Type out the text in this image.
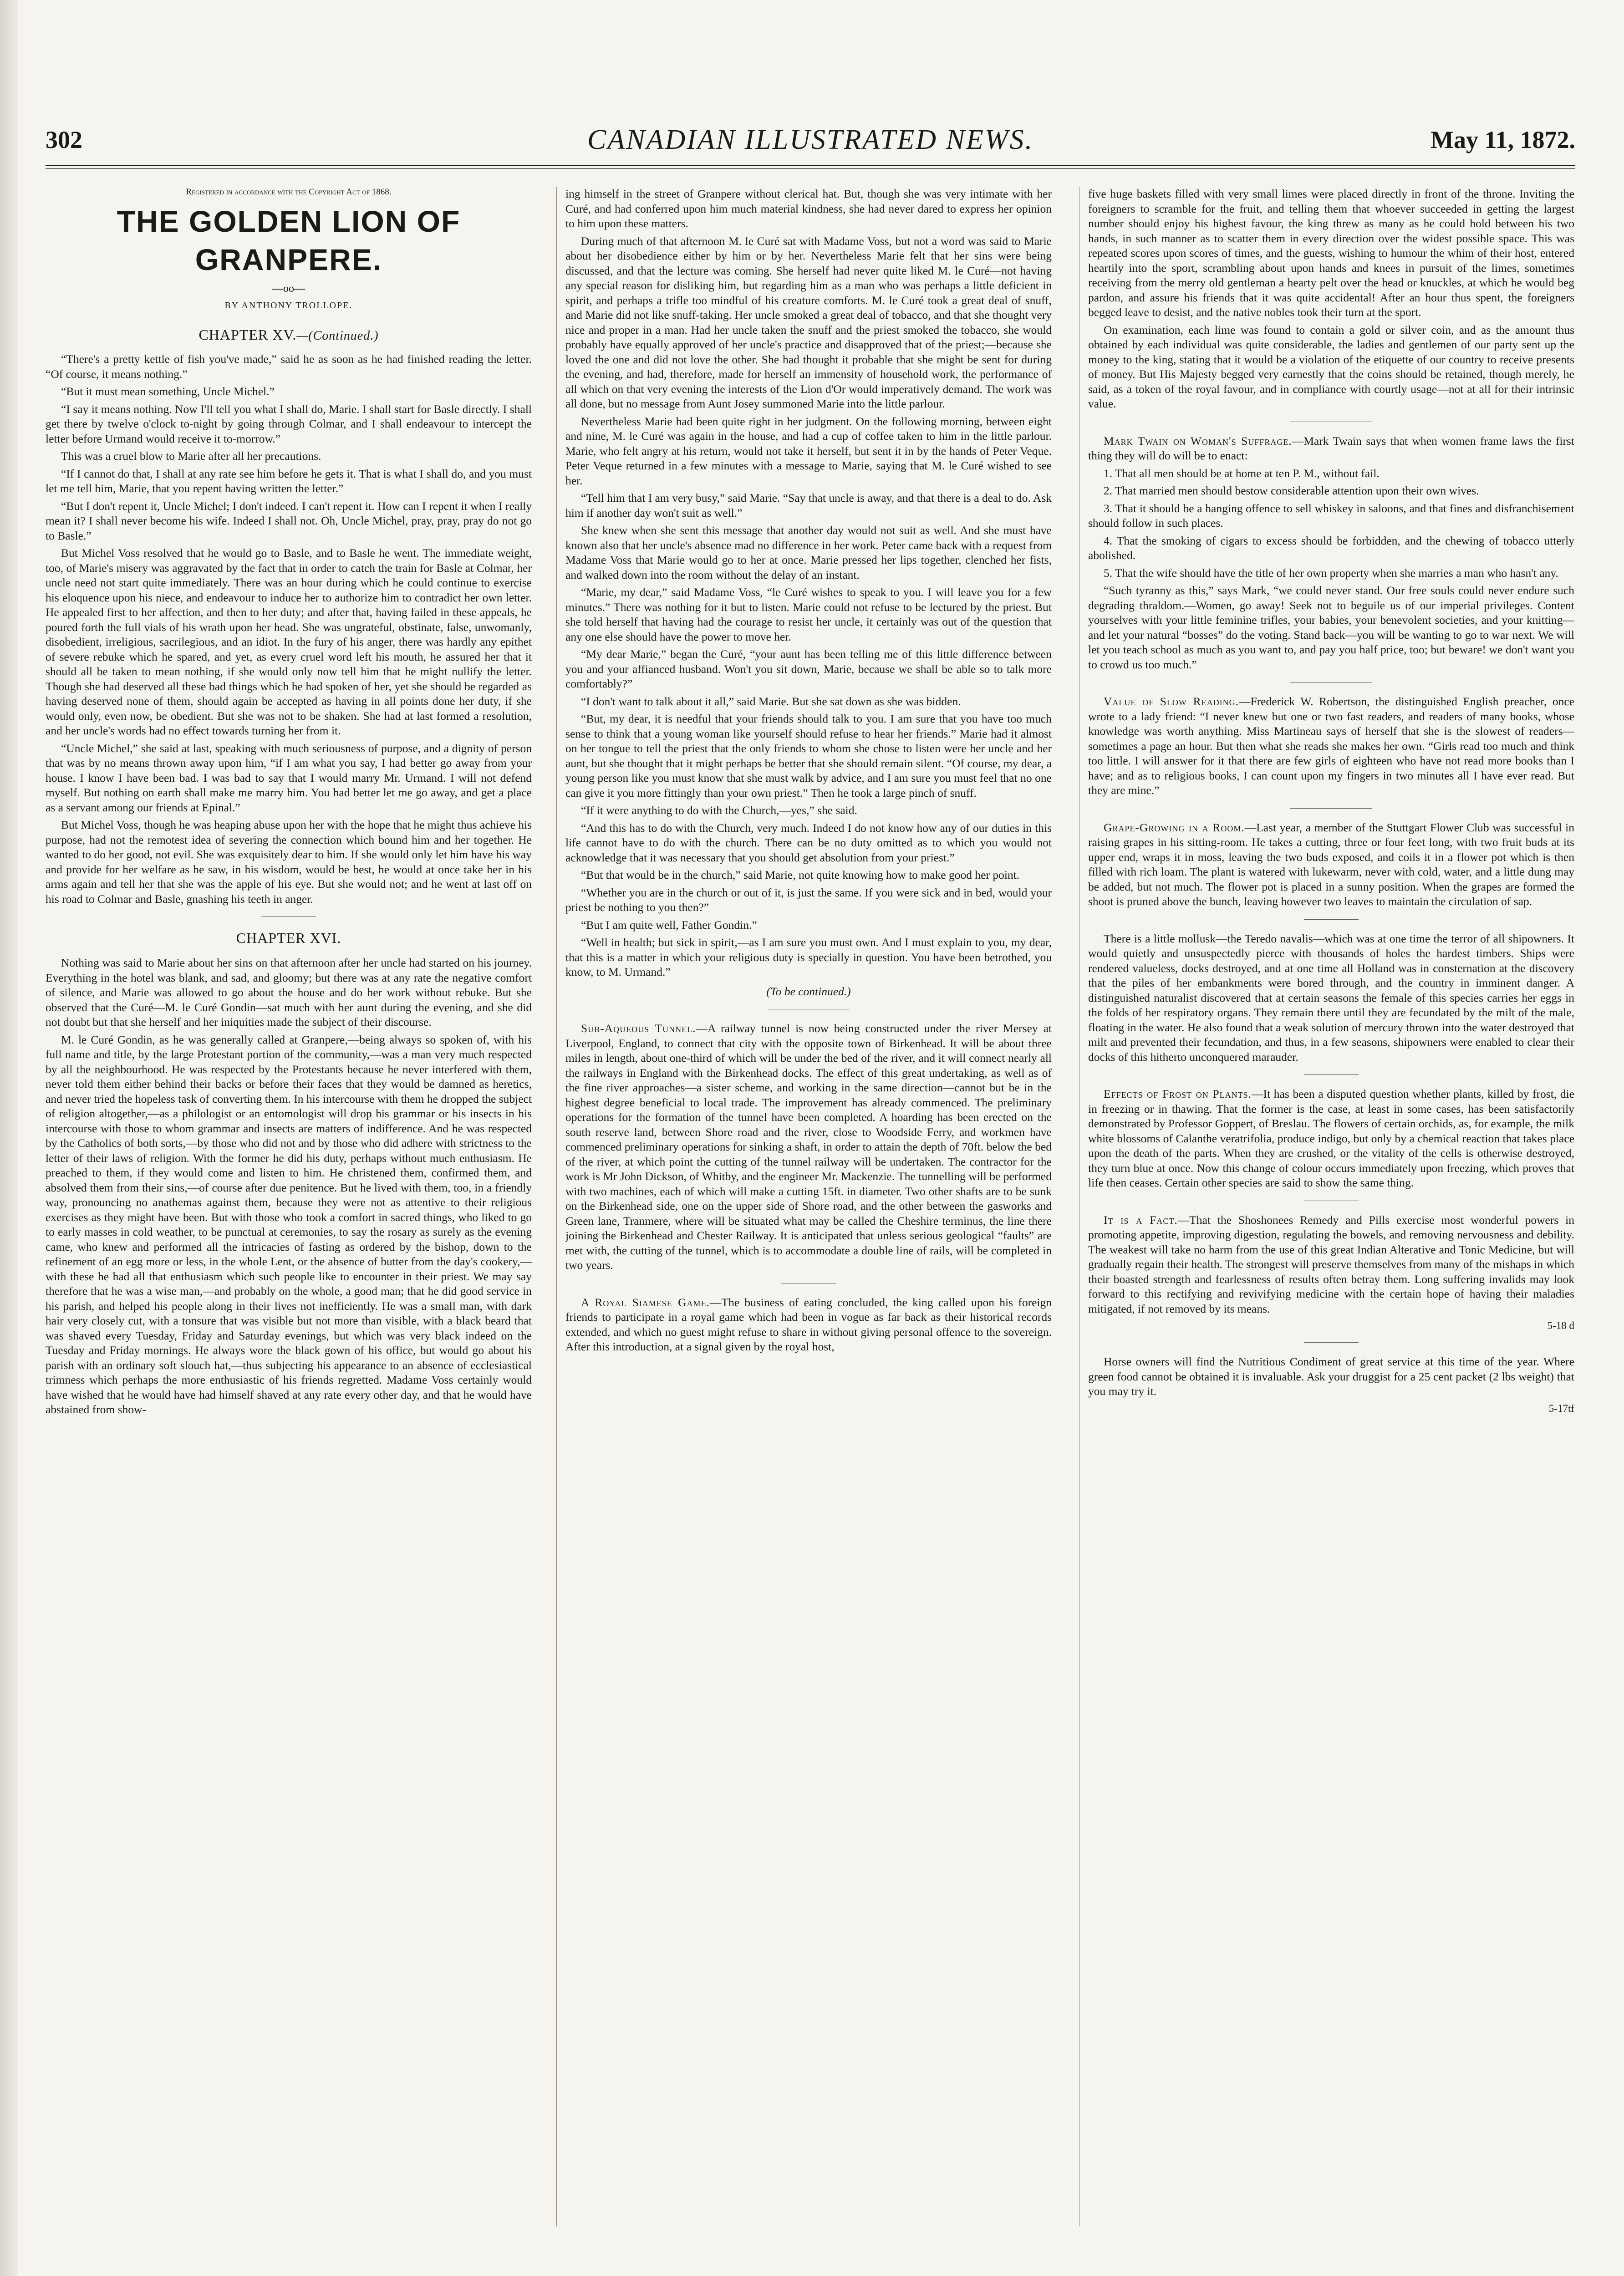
302	CANADIAN ILLUSTRATED NEWS.	May 11, 1872.
Registered in accordance with the Copyright Act of 1868.
THE GOLDEN LION OF GRANPERE.
—oo—
BY ANTHONY TROLLOPE.
CHAPTER XV.—(Continued.)

“There's a pretty kettle of fish you've made,” said he as soon as he had finished reading the letter. “Of course, it means nothing.”

“But it must mean something, Uncle Michel.”

“I say it means nothing. Now I'll tell you what I shall do, Marie. I shall start for Basle directly. I shall get there by twelve o'clock to-night by going through Colmar, and I shall endeavour to intercept the letter before Urmand would receive it to-morrow.”

This was a cruel blow to Marie after all her precautions.

“If I cannot do that, I shall at any rate see him before he gets it. That is what I shall do, and you must let me tell him, Marie, that you repent having written the letter.”

“But I don't repent it, Uncle Michel; I don't indeed. I can't repent it. How can I repent it when I really mean it? I shall never become his wife. Indeed I shall not. Oh, Uncle Michel, pray, pray, pray do not go to Basle.”

But Michel Voss resolved that he would go to Basle, and to Basle he went. The immediate weight, too, of Marie's misery was aggravated by the fact that in order to catch the train for Basle at Colmar, her uncle need not start quite immediately. There was an hour during which he could continue to exercise his eloquence upon his niece, and endeavour to induce her to authorize him to contradict her own letter. He appealed first to her affection, and then to her duty; and after that, having failed in these appeals, he poured forth the full vials of his wrath upon her head. She was ungrateful, obstinate, false, unwomanly, disobedient, irreligious, sacrilegious, and an idiot. In the fury of his anger, there was hardly any epithet of severe rebuke which he spared, and yet, as every cruel word left his mouth, he assured her that it should all be taken to mean nothing, if she would only now tell him that he might nullify the letter. Though she had deserved all these bad things which he had spoken of her, yet she should be regarded as having deserved none of them, should again be accepted as having in all points done her duty, if she would only, even now, be obedient. But she was not to be shaken. She had at last formed a resolution, and her uncle's words had no effect towards turning her from it.

“Uncle Michel,” she said at last, speaking with much seriousness of purpose, and a dignity of person that was by no means thrown away upon him, “if I am what you say, I had better go away from your house. I know I have been bad. I was bad to say that I would marry Mr. Urmand. I will not defend myself. But nothing on earth shall make me marry him. You had better let me go away, and get a place as a servant among our friends at Epinal.”

But Michel Voss, though he was heaping abuse upon her with the hope that he might thus achieve his purpose, had not the remotest idea of severing the connection which bound him and her together. He wanted to do her good, not evil. She was exquisitely dear to him. If she would only let him have his way and provide for her welfare as he saw, in his wisdom, would be best, he would at once take her in his arms again and tell her that she was the apple of his eye. But she would not; and he went at last off on his road to Colmar and Basle, gnashing his teeth in anger.

CHAPTER XVI.

Nothing was said to Marie about her sins on that afternoon after her uncle had started on his journey. Everything in the hotel was blank, and sad, and gloomy; but there was at any rate the negative comfort of silence, and Marie was allowed to go about the house and do her work without rebuke. But she observed that the Curé—M. le Curé Gondin—sat much with her aunt during the evening, and she did not doubt but that she herself and her iniquities made the subject of their discourse.

M. le Curé Gondin, as he was generally called at Granpere,—being always so spoken of, with his full name and title, by the large Protestant portion of the community,—was a man very much respected by all the neighbourhood. He was respected by the Protestants because he never interfered with them, never told them either behind their backs or before their faces that they would be damned as heretics, and never tried the hopeless task of converting them. In his intercourse with them he dropped the subject of religion altogether,—as a philologist or an entomologist will drop his grammar or his insects in his intercourse with those to whom grammar and insects are matters of indifference. And he was respected by the Catholics of both sorts,—by those who did not and by those who did adhere with strictness to the letter of their laws of religion. With the former he did his duty, perhaps without much enthusiasm. He preached to them, if they would come and listen to him. He christened them, confirmed them, and absolved them from their sins,—of course after due penitence. But he lived with them, too, in a friendly way, pronouncing no anathemas against them, because they were not as attentive to their religious exercises as they might have been. But with those who took a comfort in sacred things, who liked to go to early masses in cold weather, to be punctual at ceremonies, to say the rosary as surely as the evening came, who knew and performed all the intricacies of fasting as ordered by the bishop, down to the refinement of an egg more or less, in the whole Lent, or the absence of butter from the day's cookery,—with these he had all that enthusiasm which such people like to encounter in their priest. We may say therefore that he was a wise man,—and probably on the whole, a good man; that he did good service in his parish, and helped his people along in their lives not inefficiently. He was a small man, with dark hair very closely cut, with a tonsure that was visible but not more than visible, with a black beard that was shaved every Tuesday, Friday and Saturday evenings, but which was very black indeed on the Tuesday and Friday mornings. He always wore the black gown of his office, but would go about his parish with an ordinary soft slouch hat,—thus subjecting his appearance to an absence of ecclesiastical trimness which perhaps the more enthusiastic of his friends regretted. Madame Voss certainly would have wished that he would have had himself shaved at any rate every other day, and that he would have abstained from show-

ing himself in the street of Granpere without clerical hat. But, though she was very intimate with her Curé, and had conferred upon him much material kindness, she had never dared to express her opinion to him upon these matters.

During much of that afternoon M. le Curé sat with Madame Voss, but not a word was said to Marie about her disobedience either by him or by her. Nevertheless Marie felt that her sins were being discussed, and that the lecture was coming. She herself had never quite liked M. le Curé—not having any special reason for disliking him, but regarding him as a man who was perhaps a little deficient in spirit, and perhaps a trifle too mindful of his creature comforts. M. le Curé took a great deal of snuff, and Marie did not like snuff-taking. Her uncle smoked a great deal of tobacco, and that she thought very nice and proper in a man. Had her uncle taken the snuff and the priest smoked the tobacco, she would probably have equally approved of her uncle's practice and disapproved that of the priest;—because she loved the one and did not love the other. She had thought it probable that she might be sent for during the evening, and had, therefore, made for herself an immensity of household work, the performance of all which on that very evening the interests of the Lion d'Or would imperatively demand. The work was all done, but no message from Aunt Josey summoned Marie into the little parlour.

Nevertheless Marie had been quite right in her judgment. On the following morning, between eight and nine, M. le Curé was again in the house, and had a cup of coffee taken to him in the little parlour. Marie, who felt angry at his return, would not take it herself, but sent it in by the hands of Peter Veque. Peter Veque returned in a few minutes with a message to Marie, saying that M. le Curé wished to see her.

“Tell him that I am very busy,” said Marie. “Say that uncle is away, and that there is a deal to do. Ask him if another day won't suit as well.”

She knew when she sent this message that another day would not suit as well. And she must have known also that her uncle's absence mad no difference in her work. Peter came back with a request from Madame Voss that Marie would go to her at once. Marie pressed her lips together, clenched her fists, and walked down into the room without the delay of an instant.

“Marie, my dear,” said Madame Voss, “le Curé wishes to speak to you. I will leave you for a few minutes.” There was nothing for it but to listen. Marie could not refuse to be lectured by the priest. But she told herself that having had the courage to resist her uncle, it certainly was out of the question that any one else should have the power to move her.

“My dear Marie,” began the Curé, “your aunt has been telling me of this little difference between you and your affianced husband. Won't you sit down, Marie, because we shall be able so to talk more comfortably?”

“I don't want to talk about it all,” said Marie. But she sat down as she was bidden.

“But, my dear, it is needful that your friends should talk to you. I am sure that you have too much sense to think that a young woman like yourself should refuse to hear her friends.” Marie had it almost on her tongue to tell the priest that the only friends to whom she chose to listen were her uncle and her aunt, but she thought that it might perhaps be better that she should remain silent. “Of course, my dear, a young person like you must know that she must walk by advice, and I am sure you must feel that no one can give it you more fittingly than your own priest.” Then he took a large pinch of snuff.

“If it were anything to do with the Church,—yes,” she said.

“And this has to do with the Church, very much. Indeed I do not know how any of our duties in this life cannot have to do with the church. There can be no duty omitted as to which you would not acknowledge that it was necessary that you should get absolution from your priest.”

“But that would be in the church,” said Marie, not quite knowing how to make good her point.

“Whether you are in the church or out of it, is just the same. If you were sick and in bed, would your priest be nothing to you then?”

“But I am quite well, Father Gondin.”

“Well in health; but sick in spirit,—as I am sure you must own. And I must explain to you, my dear, that this is a matter in which your religious duty is specially in question. You have been betrothed, you know, to M. Urmand.”

(To be continued.)

Sub-Aqueous Tunnel.—A railway tunnel is now being constructed under the river Mersey at Liverpool, England, to connect that city with the opposite town of Birkenhead. It will be about three miles in length, about one-third of which will be under the bed of the river, and it will connect nearly all the railways in England with the Birkenhead docks. The effect of this great undertaking, as well as of the fine river approaches—a sister scheme, and working in the same direction—cannot but be in the highest degree beneficial to local trade. The improvement has already commenced. The preliminary operations for the formation of the tunnel have been completed. A hoarding has been erected on the south reserve land, between Shore road and the river, close to Woodside Ferry, and workmen have commenced preliminary operations for sinking a shaft, in order to attain the depth of 70ft. below the bed of the river, at which point the cutting of the tunnel railway will be undertaken. The contractor for the work is Mr John Dickson, of Whitby, and the engineer Mr. Mackenzie. The tunnelling will be performed with two machines, each of which will make a cutting 15ft. in diameter. Two other shafts are to be sunk on the Birkenhead side, one on the upper side of Shore road, and the other between the gasworks and Green lane, Tranmere, where will be situated what may be called the Cheshire terminus, the line there joining the Birkenhead and Chester Railway. It is anticipated that unless serious geological “faults” are met with, the cutting of the tunnel, which is to accommodate a double line of rails, will be completed in two years.

A Royal Siamese Game.—The business of eating concluded, the king called upon his foreign friends to participate in a royal game which had been in vogue as far back as their historical records extended, and which no guest might refuse to share in without giving personal offence to the sovereign. After this introduction, at a signal given by the royal host,

five huge baskets filled with very small limes were placed directly in front of the throne. Inviting the foreigners to scramble for the fruit, and telling them that whoever succeeded in getting the largest number should enjoy his highest favour, the king threw as many as he could hold between his two hands, in such manner as to scatter them in every direction over the widest possible space. This was repeated scores upon scores of times, and the guests, wishing to humour the whim of their host, entered heartily into the sport, scrambling about upon hands and knees in pursuit of the limes, sometimes receiving from the merry old gentleman a hearty pelt over the head or knuckles, at which he would beg pardon, and assure his friends that it was quite accidental! After an hour thus spent, the foreigners begged leave to desist, and the native nobles took their turn at the sport.

On examination, each lime was found to contain a gold or silver coin, and as the amount thus obtained by each individual was quite considerable, the ladies and gentlemen of our party sent up the money to the king, stating that it would be a violation of the etiquette of our country to receive presents of money. But His Majesty begged very earnestly that the coins should be retained, though merely, he said, as a token of the royal favour, and in compliance with courtly usage—not at all for their intrinsic value.

Mark Twain on Woman's Suffrage.—Mark Twain says that when women frame laws the first thing they will do will be to enact:

1. That all men should be at home at ten P. M., without fail.

2. That married men should bestow considerable attention upon their own wives.

3. That it should be a hanging offence to sell whiskey in saloons, and that fines and disfranchisement should follow in such places.

4. That the smoking of cigars to excess should be forbidden, and the chewing of tobacco utterly abolished.

5. That the wife should have the title of her own property when she marries a man who hasn't any.

“Such tyranny as this,” says Mark, “we could never stand. Our free souls could never endure such degrading thraldom.—Women, go away! Seek not to beguile us of our imperial privileges. Content yourselves with your little feminine trifles, your babies, your benevolent societies, and your knitting—and let your natural “bosses” do the voting. Stand back—you will be wanting to go to war next. We will let you teach school as much as you want to, and pay you half price, too; but beware! we don't want you to crowd us too much.”

Value of Slow Reading.—Frederick W. Robertson, the distinguished English preacher, once wrote to a lady friend: “I never knew but one or two fast readers, and readers of many books, whose knowledge was worth anything. Miss Martineau says of herself that she is the slowest of readers—sometimes a page an hour. But then what she reads she makes her own. “Girls read too much and think too little. I will answer for it that there are few girls of eighteen who have not read more books than I have; and as to religious books, I can count upon my fingers in two minutes all I have ever read. But they are mine.”

Grape-Growing in a Room.—Last year, a member of the Stuttgart Flower Club was successful in raising grapes in his sitting-room. He takes a cutting, three or four feet long, with two fruit buds at its upper end, wraps it in moss, leaving the two buds exposed, and coils it in a flower pot which is then filled with rich loam. The plant is watered with lukewarm, never with cold, water, and a little dung may be added, but not much. The flower pot is placed in a sunny position. When the grapes are formed the shoot is pruned above the bunch, leaving however two leaves to maintain the circulation of sap.

There is a little mollusk—the Teredo navalis—which was at one time the terror of all shipowners. It would quietly and unsuspectedly pierce with thousands of holes the hardest timbers. Ships were rendered valueless, docks destroyed, and at one time all Holland was in consternation at the discovery that the piles of her embankments were bored through, and the country in imminent danger. A distinguished naturalist discovered that at certain seasons the female of this species carries her eggs in the folds of her respiratory organs. They remain there until they are fecundated by the milt of the male, floating in the water. He also found that a weak solution of mercury thrown into the water destroyed that milt and prevented their fecundation, and thus, in a few seasons, shipowners were enabled to clear their docks of this hitherto unconquered marauder.

Effects of Frost on Plants.—It has been a disputed question whether plants, killed by frost, die in freezing or in thawing. That the former is the case, at least in some cases, has been satisfactorily demonstrated by Professor Goppert, of Breslau. The flowers of certain orchids, as, for example, the milk white blossoms of Calanthe veratrifolia, produce indigo, but only by a chemical reaction that takes place upon the death of the parts. When they are crushed, or the vitality of the cells is otherwise destroyed, they turn blue at once. Now this change of colour occurs immediately upon freezing, which proves that life then ceases. Certain other species are said to show the same thing.

It is a Fact.—That the Shoshonees Remedy and Pills exercise most wonderful powers in promoting appetite, improving digestion, regulating the bowels, and removing nervousness and debility. The weakest will take no harm from the use of this great Indian Alterative and Tonic Medicine, but will gradually regain their health. The strongest will preserve themselves from many of the mishaps in which their boasted strength and fearlessness of results often betray them. Long suffering invalids may look forward to this rectifying and revivifying medicine with the certain hope of having their maladies mitigated, if not removed by its means.

5-18 d

Horse owners will find the Nutritious Condiment of great service at this time of the year. Where green food cannot be obtained it is invaluable. Ask your druggist for a 25 cent packet (2 lbs weight) that you may try it.

5-17tf
